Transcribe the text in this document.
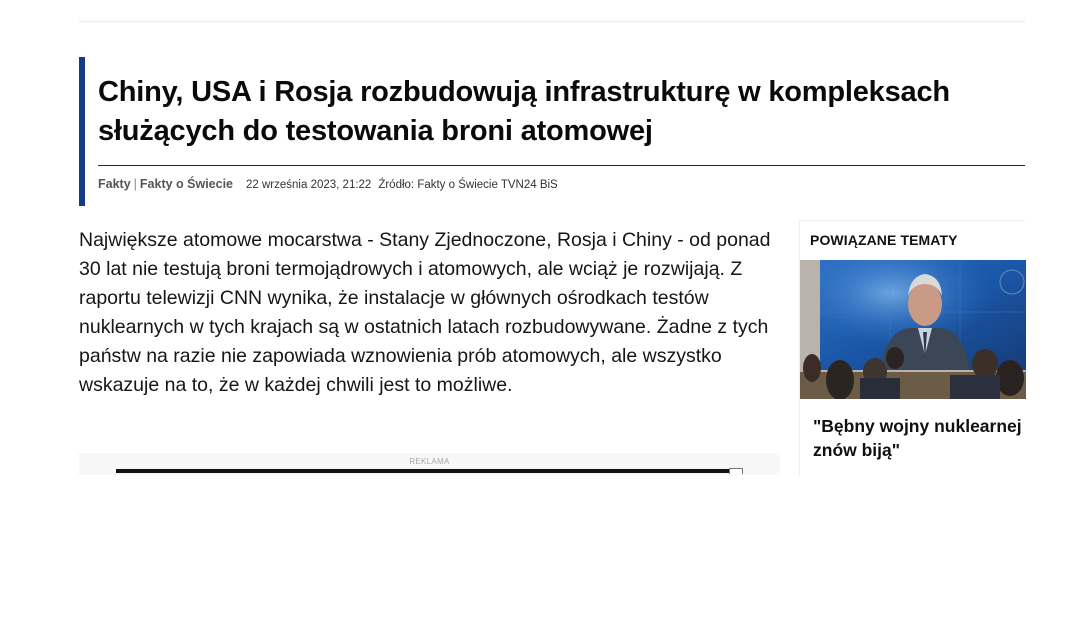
Chiny, USA i Rosja rozbudowują infrastrukturę w kompleksach służących do testowania broni atomowej
Fakty | Fakty o Świecie 22 września 2023, 21:22 Źródło: Fakty o Świecie TVN24 BiS

Największe atomowe mocarstwa - Stany Zjednoczone, Rosja i Chiny - od ponad 30 lat nie testują broni termojądrowych i atomowych, ale wciąż je rozwijają. Z raportu telewizji CNN wynika, że instalacje w głównych ośrodkach testów nuklearnych w tych krajach są w ostatnich latach rozbudowywane. Żadne z tych państw na razie nie zapowiada wznowienia prób atomowych, ale wszystko wskazuje na to, że w każdej chwili jest to możliwe.

REKLAMA
POWIĄZANE TEMATY
"Bębny wojny nuklearnej znów biją"
